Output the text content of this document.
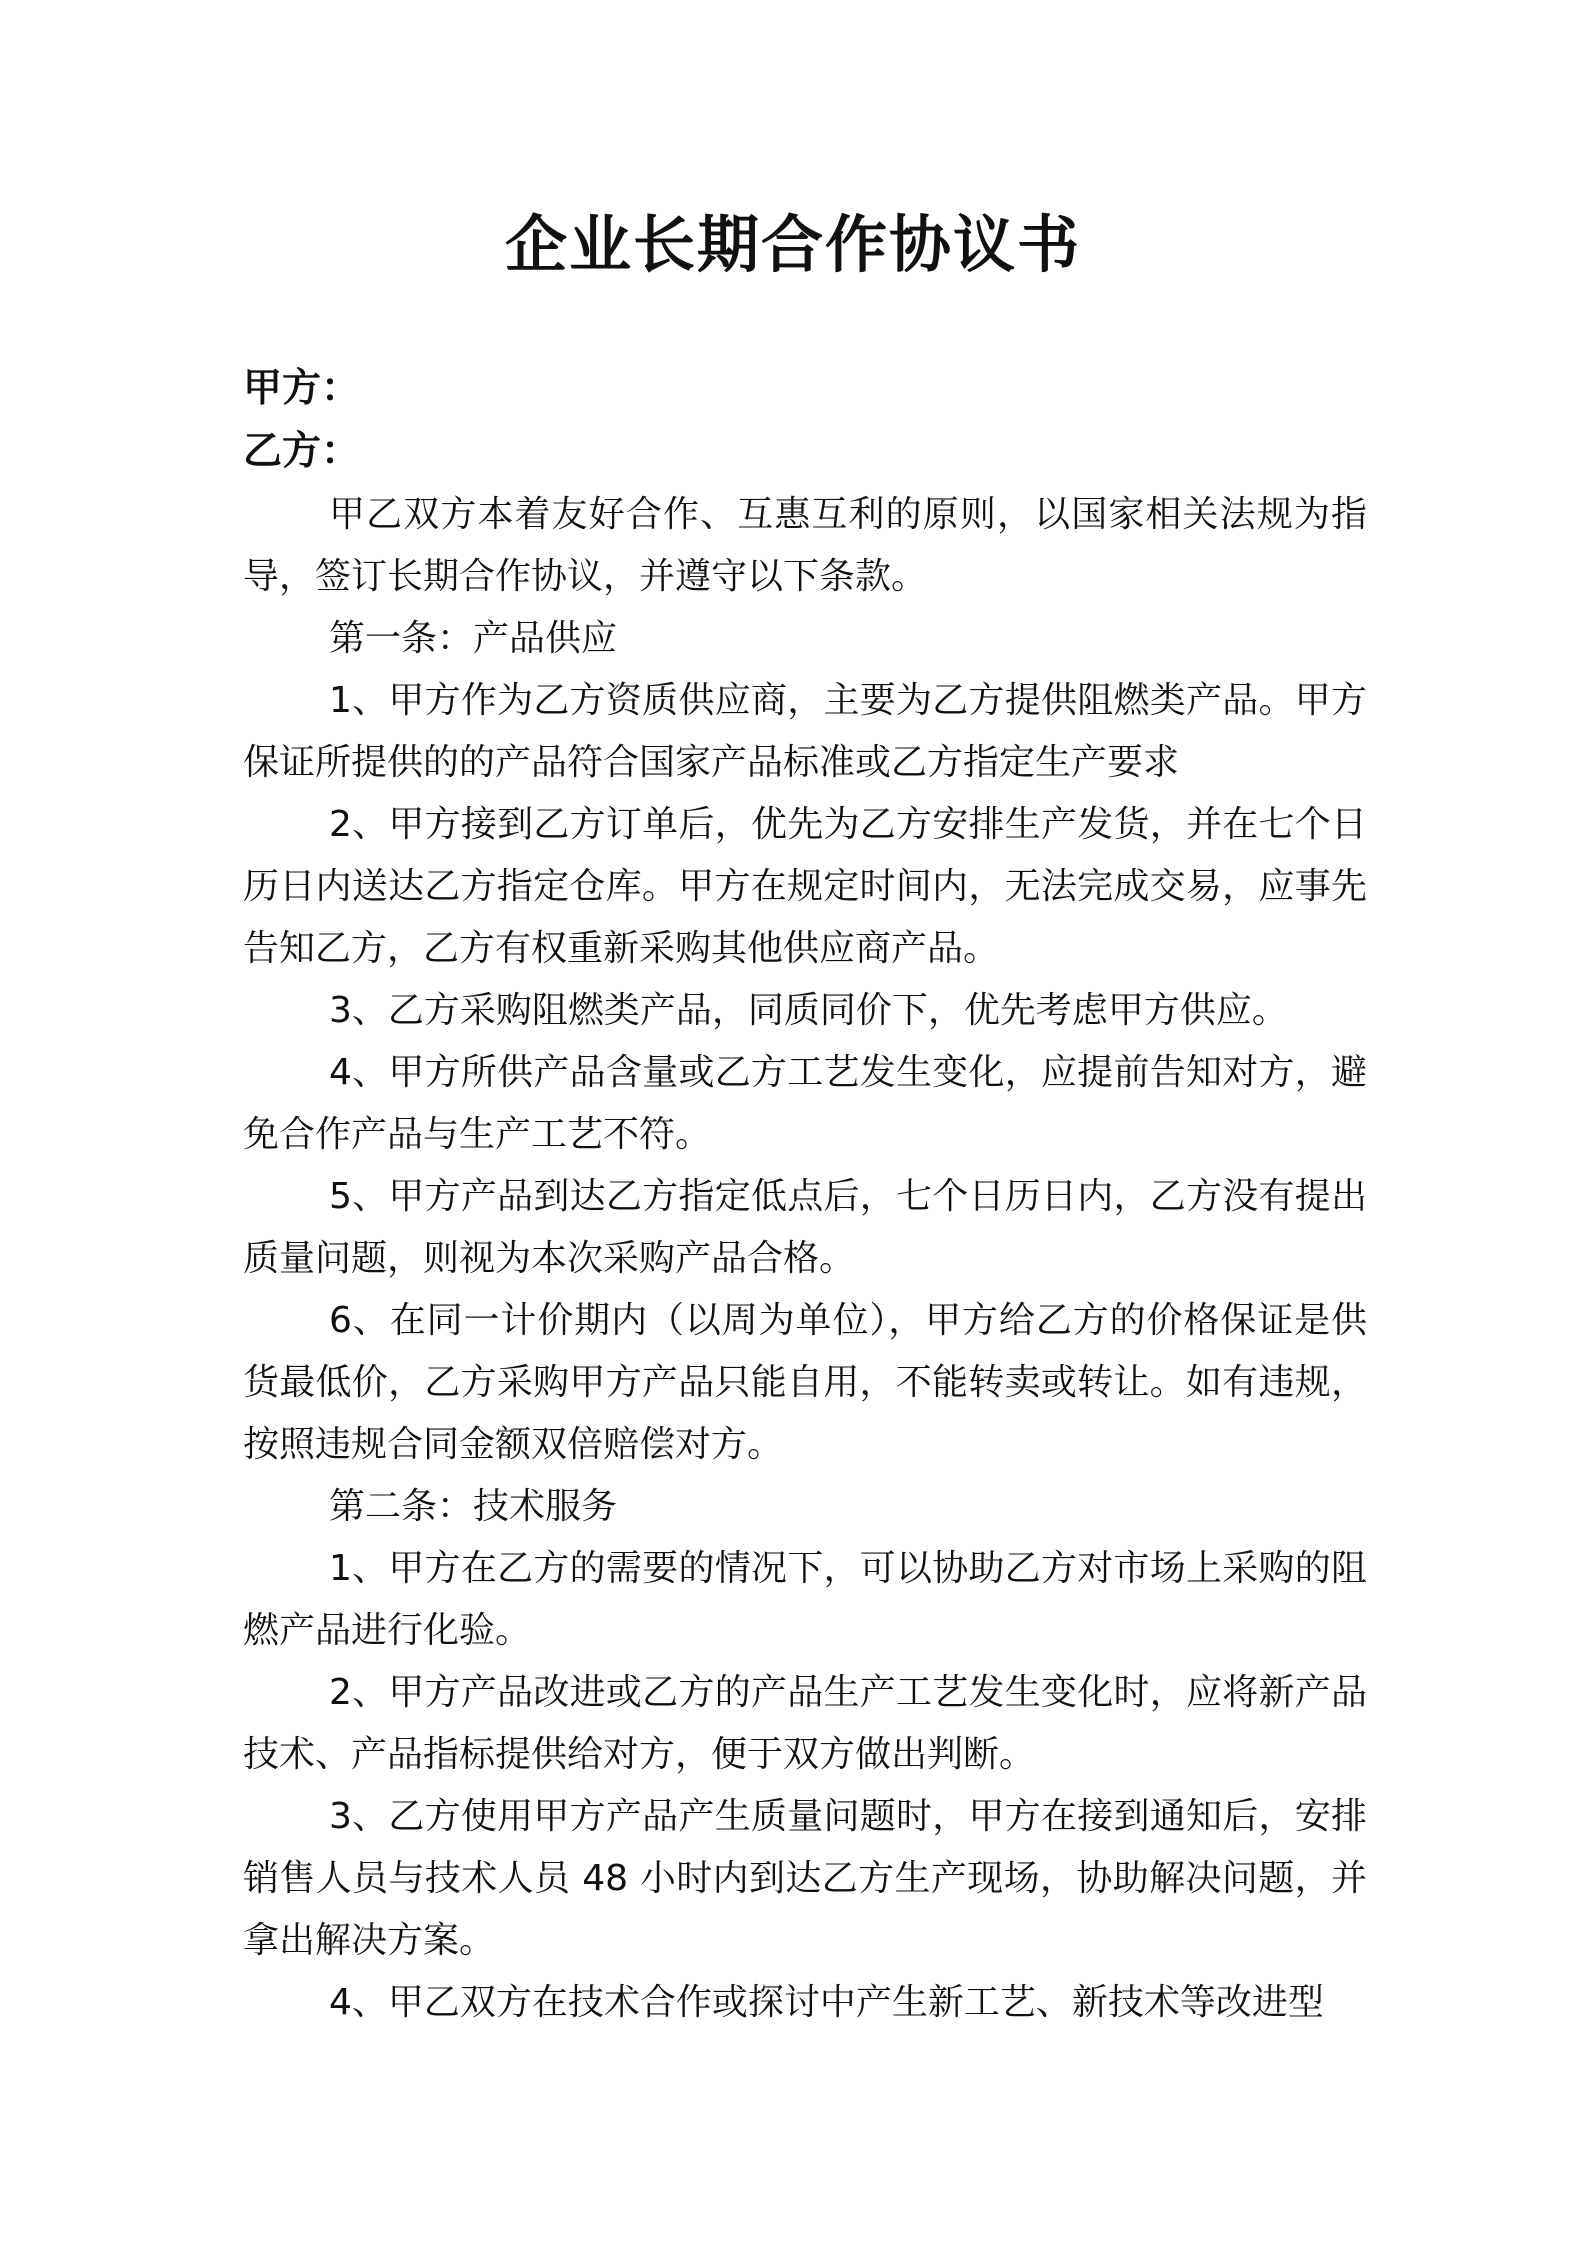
企业长期合作协议书

甲方：

乙方：

甲乙双方本着友好合作、互惠互利的原则，以国家相关法规为指导，签订长期合作协议，并遵守以下条款。

第一条：产品供应

1、甲方作为乙方资质供应商，主要为乙方提供阻燃类产品。甲方保证所提供的的产品符合国家产品标准或乙方指定生产要求

2、甲方接到乙方订单后，优先为乙方安排生产发货，并在七个日历日内送达乙方指定仓库。甲方在规定时间内，无法完成交易，应事先告知乙方，乙方有权重新采购其他供应商产品。

3、乙方采购阻燃类产品，同质同价下，优先考虑甲方供应。

4、甲方所供产品含量或乙方工艺发生变化，应提前告知对方，避免合作产品与生产工艺不符。

5、甲方产品到达乙方指定低点后，七个日历日内，乙方没有提出质量问题，则视为本次采购产品合格。

6、在同一计价期内（以周为单位），甲方给乙方的价格保证是供货最低价，乙方采购甲方产品只能自用，不能转卖或转让。如有违规，按照违规合同金额双倍赔偿对方。

第二条：技术服务

1、甲方在乙方的需要的情况下，可以协助乙方对市场上采购的阻燃产品进行化验。

2、甲方产品改进或乙方的产品生产工艺发生变化时，应将新产品技术、产品指标提供给对方，便于双方做出判断。

3、乙方使用甲方产品产生质量问题时，甲方在接到通知后，安排销售人员与技术人员 48 小时内到达乙方生产现场，协助解决问题，并拿出解决方案。

4、甲乙双方在技术合作或探讨中产生新工艺、新技术等改进型
